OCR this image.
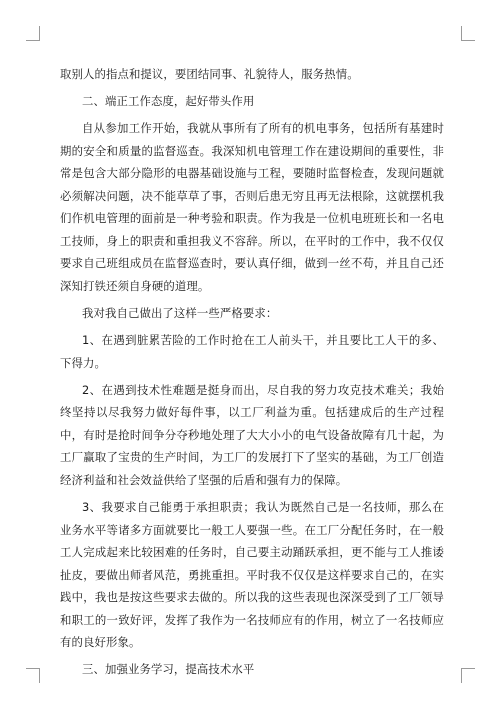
取别人的指点和提议，要团结同事、礼貌待人，服务热情。

二、端正工作态度，起好带头作用

自从参加工作开始，我就从事所有了所有的机电事务，包括所有基建时期的安全和质量的监督巡查。我深知机电管理工作在建设期间的重要性，非常是包含大部分隐形的电器基础设施与工程，要随时监督检查，发现问题就必须解决问题，决不能草草了事，否则后患无穷且再无法根除，这就摆机我们作机电管理的面前是一种考验和职责。作为我是一位机电班班长和一名电工技师，身上的职责和重担我义不容辞。所以，在平时的工作中，我不仅仅要求自己班组成员在监督巡查时，要认真仔细，做到一丝不苟，并且自己还深知打铁还须自身硬的道理。

我对我自己做出了这样一些严格要求：

1、在遇到脏累苦险的工作时抢在工人前头干，并且要比工人干的多、下得力。

2、在遇到技术性难题是挺身而出，尽自我的努力攻克技术难关；我始终坚持以尽我努力做好每件事，以工厂利益为重。包括建成后的生产过程中，有时是抢时间争分夺秒地处理了大大小小的电气设备故障有几十起，为工厂赢取了宝贵的生产时间，为工厂的发展打下了坚实的基础，为工厂创造经济利益和社会效益供给了坚强的后盾和强有力的保障。

3、我要求自己能勇于承担职责；我认为既然自己是一名技师，那么在业务水平等诸多方面就要比一般工人要强一些。在工厂分配任务时，在一般工人完成起来比较困难的任务时，自己要主动踊跃承担，更不能与工人推诿扯皮，要做出师者风范，勇挑重担。平时我不仅仅是这样要求自己的，在实践中，我也是按这些要求去做的。所以我的这些表现也深深受到了工厂领导和职工的一致好评，发挥了我作为一名技师应有的作用，树立了一名技师应有的良好形象。

三、加强业务学习，提高技术水平
